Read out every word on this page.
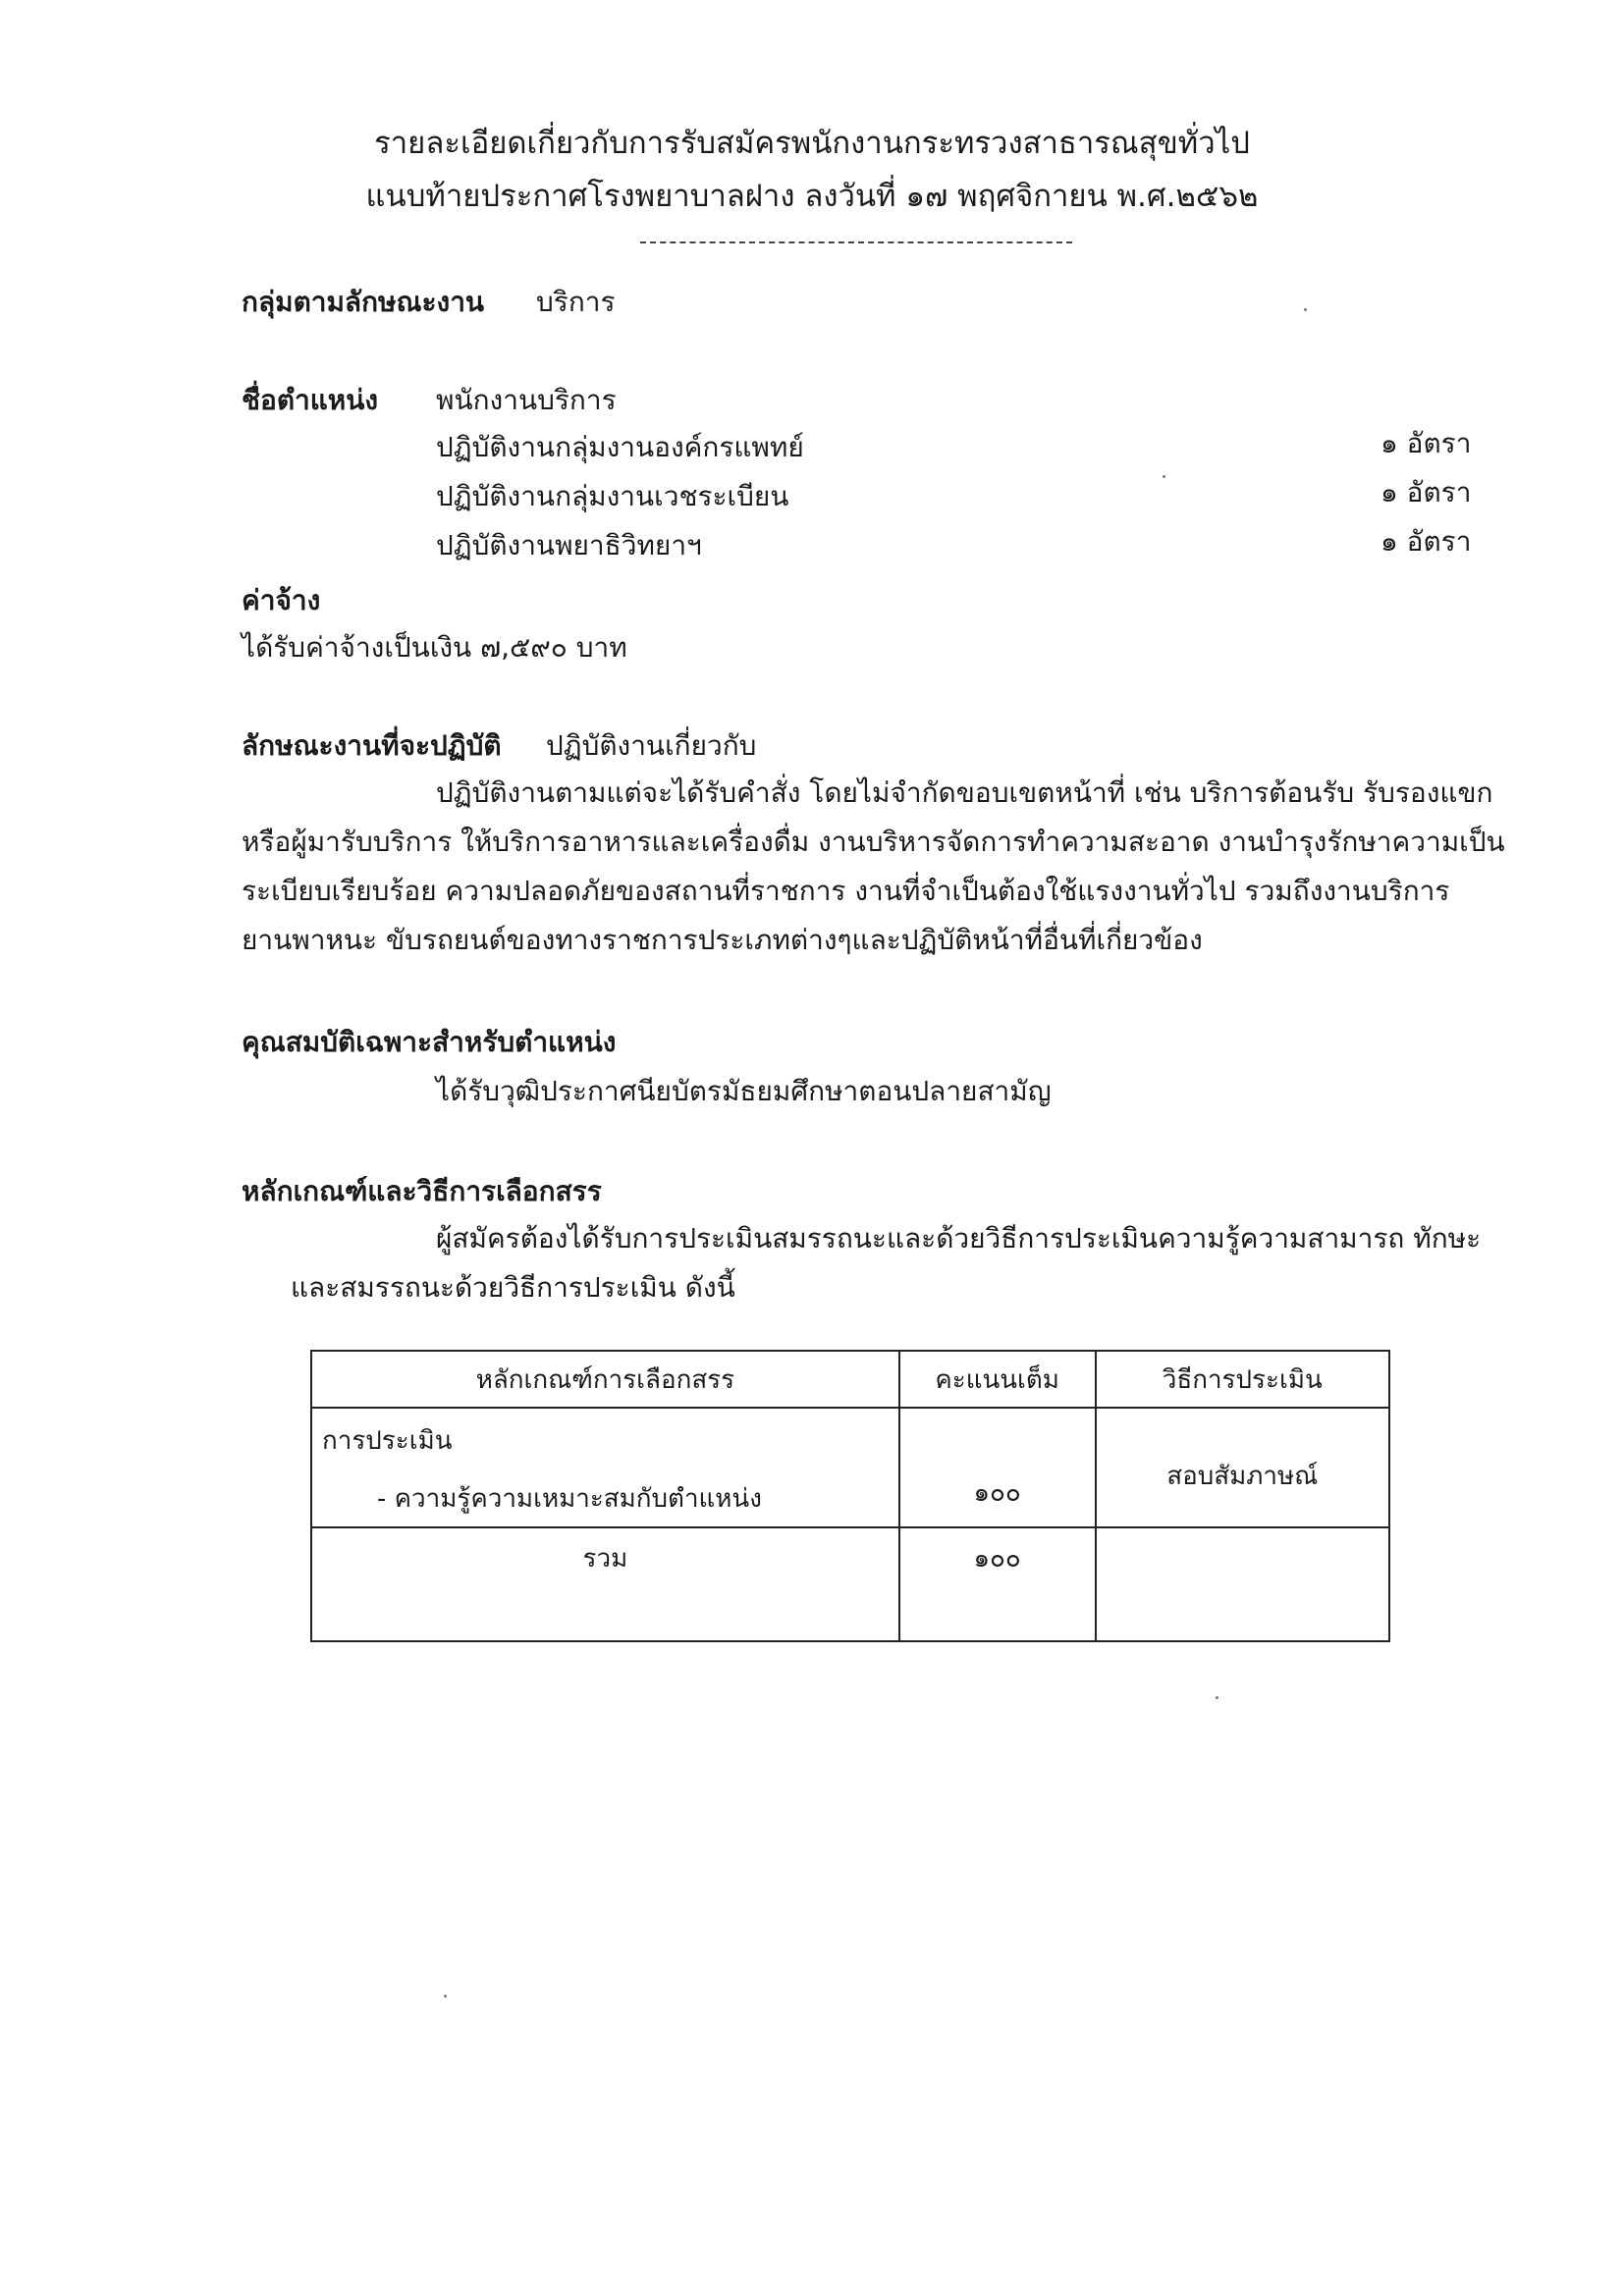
รายละเอียดเกี่ยวกับการรับสมัครพนักงานกระทรวงสาธารณสุขทั่วไป
แนบท้ายประกาศโรงพยาบาลฝาง ลงวันที่ ๑๗ พฤศจิกายน พ.ศ.๒๕๖๒
กลุ่มตามลักษณะงาน บริการ
ชื่อตำแหน่ง พนักงานบริการ
ปฏิบัติงานกลุ่มงานองค์กรแพทย์	๑ อัตรา
ปฏิบัติงานกลุ่มงานเวชระเบียน	๑ อัตรา
ปฏิบัติงานพยาธิวิทยาฯ	๑ อัตรา
ค่าจ้าง
ได้รับค่าจ้างเป็นเงิน ๗,๕๙๐ บาท
ลักษณะงานที่จะปฏิบัติ ปฏิบัติงานเกี่ยวกับ
ปฏิบัติงานตามแต่จะได้รับคำสั่ง โดยไม่จำกัดขอบเขตหน้าที่ เช่น บริการต้อนรับ รับรองแขก
หรือผู้มารับบริการ ให้บริการอาหารและเครื่องดื่ม งานบริหารจัดการทำความสะอาด งานบำรุงรักษาความเป็น
ระเบียบเรียบร้อย ความปลอดภัยของสถานที่ราชการ งานที่จำเป็นต้องใช้แรงงานทั่วไป รวมถึงงานบริการ
ยานพาหนะ ขับรถยนต์ของทางราชการประเภทต่างๆและปฏิบัติหน้าที่อื่นที่เกี่ยวข้อง
คุณสมบัติเฉพาะสำหรับตำแหน่ง
ได้รับวุฒิประกาศนียบัตรมัธยมศึกษาตอนปลายสามัญ
หลักเกณฑ์และวิธีการเลือกสรร
ผู้สมัครต้องได้รับการประเมินสมรรถนะและด้วยวิธีการประเมินความรู้ความสามารถ ทักษะ
และสมรรถนะด้วยวิธีการประเมิน ดังนี้
หลักเกณฑ์การเลือกสรร	คะแนนเต็ม	วิธีการประเมิน

การประเมิน
- ความรู้ความเหมาะสมกับตำแหน่ง	๑๐๐	สอบสัมภาษณ์
รวม	๑๐๐	
